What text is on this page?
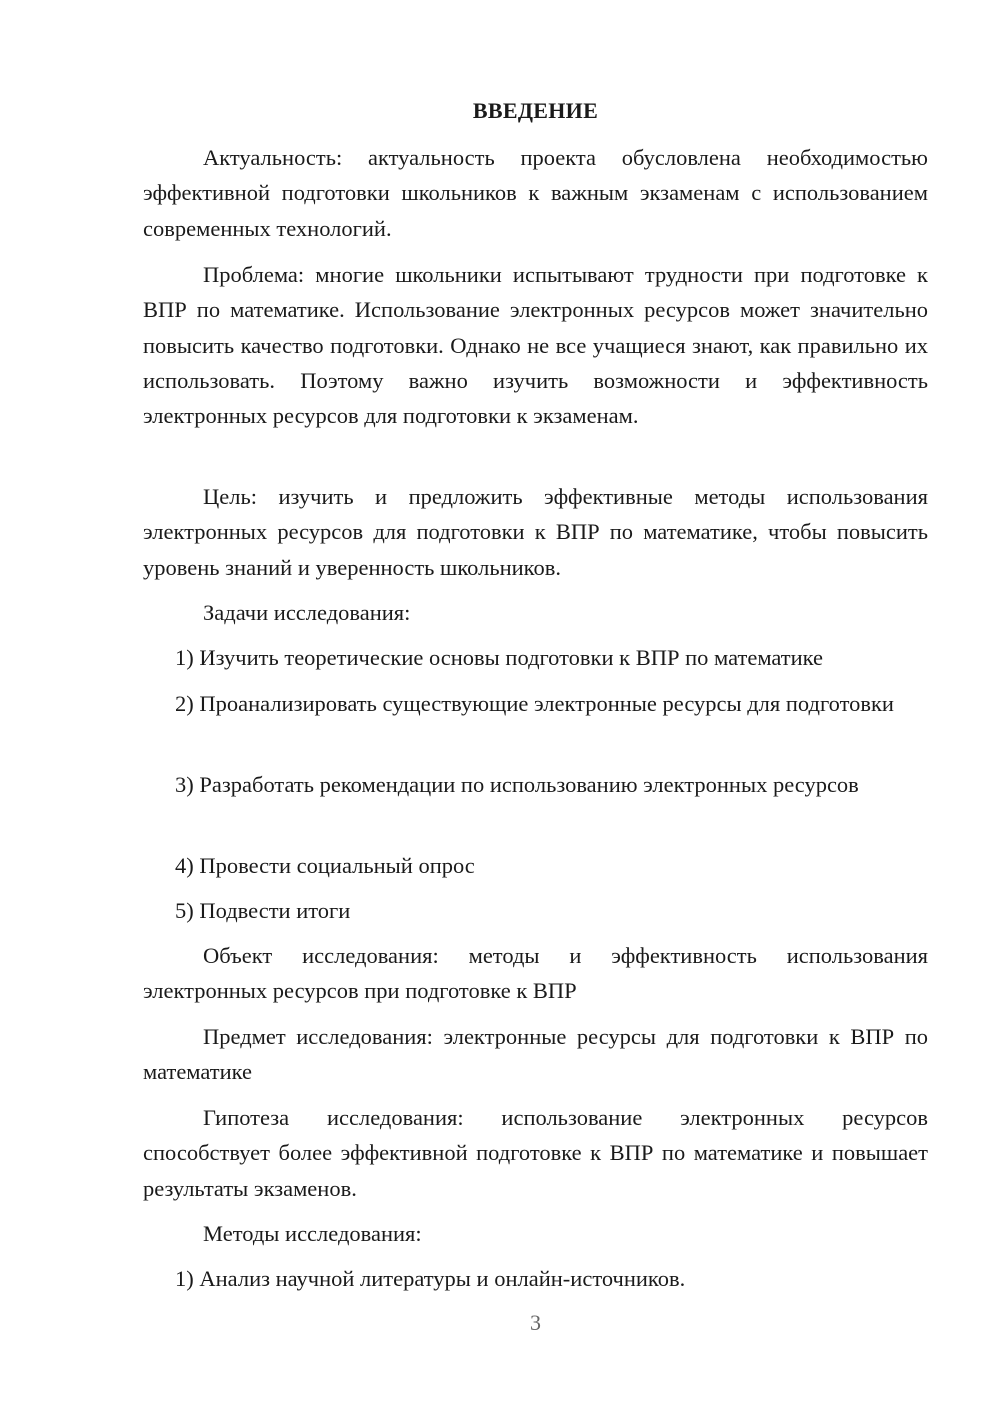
ВВЕДЕНИЕ

Актуальность: актуальность проекта обусловлена необходимостью эффективной подготовки школьников к важным экзаменам с использованием современных технологий.

Проблема: многие школьники испытывают трудности при подготовке к ВПР по математике. Использование электронных ресурсов может значительно повысить качество подготовки. Однако не все учащиеся знают, как правильно их использовать. Поэтому важно изучить возможности и эффективность электронных ресурсов для подготовки к экзаменам.

Цель: изучить и предложить эффективные методы использования электронных ресурсов для подготовки к ВПР по математике, чтобы повысить уровень знаний и уверенность школьников.

Задачи исследования:

1) Изучить теоретические основы подготовки к ВПР по математике

2) Проанализировать существующие электронные ресурсы для подготовки

3) Разработать рекомендации по использованию электронных ресурсов

4) Провести социальный опрос

5) Подвести итоги

Объект исследования: методы и эффективность использования электронных ресурсов при подготовке к ВПР

Предмет исследования: электронные ресурсы для подготовки к ВПР по математике

Гипотеза исследования: использование электронных ресурсов способствует более эффективной подготовке к ВПР по математике и повышает результаты экзаменов.

Методы исследования:

1) Анализ научной литературы и онлайн-источников.

3
